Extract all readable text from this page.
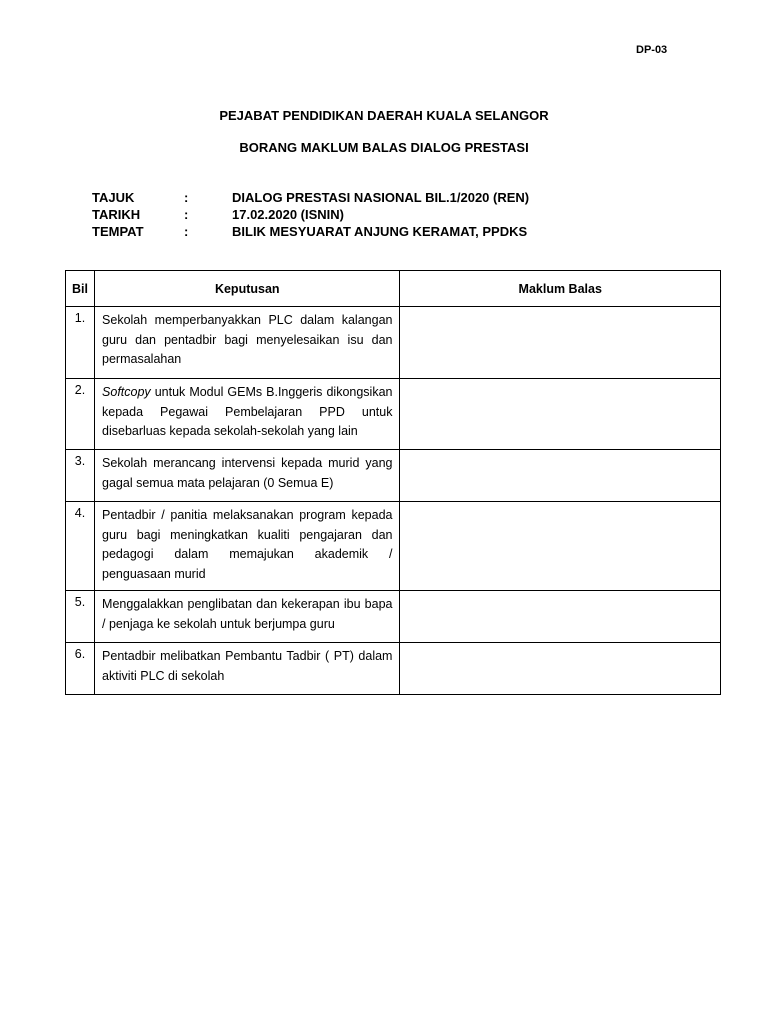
DP-03
PEJABAT PENDIDIKAN DAERAH KUALA SELANGOR
BORANG MAKLUM BALAS DIALOG PRESTASI
TAJUK	:	DIALOG PRESTASI NASIONAL BIL.1/2020 (REN)
TARIKH	:	17.02.2020 (ISNIN)
TEMPAT	:	BILIK MESYUARAT ANJUNG KERAMAT, PPDKS
Bil	Keputusan	Maklum Balas
1.	Sekolah memperbanyakkan PLC dalam kalangan guru dan pentadbir bagi menyelesaikan isu dan permasalahan	
2.	Softcopy untuk Modul GEMs B.Inggeris dikongsikan kepada Pegawai Pembelajaran PPD untuk disebarluas kepada sekolah-sekolah yang lain	
3.	Sekolah merancang intervensi kepada murid yang gagal semua mata pelajaran (0 Semua E)	
4.	Pentadbir / panitia melaksanakan program kepada guru bagi meningkatkan kualiti pengajaran dan pedagogi dalam memajukan akademik / penguasaan murid	
5.	Menggalakkan penglibatan dan kekerapan ibu bapa / penjaga ke sekolah untuk berjumpa guru	
6.	Pentadbir melibatkan Pembantu Tadbir ( PT) dalam aktiviti PLC di sekolah	
